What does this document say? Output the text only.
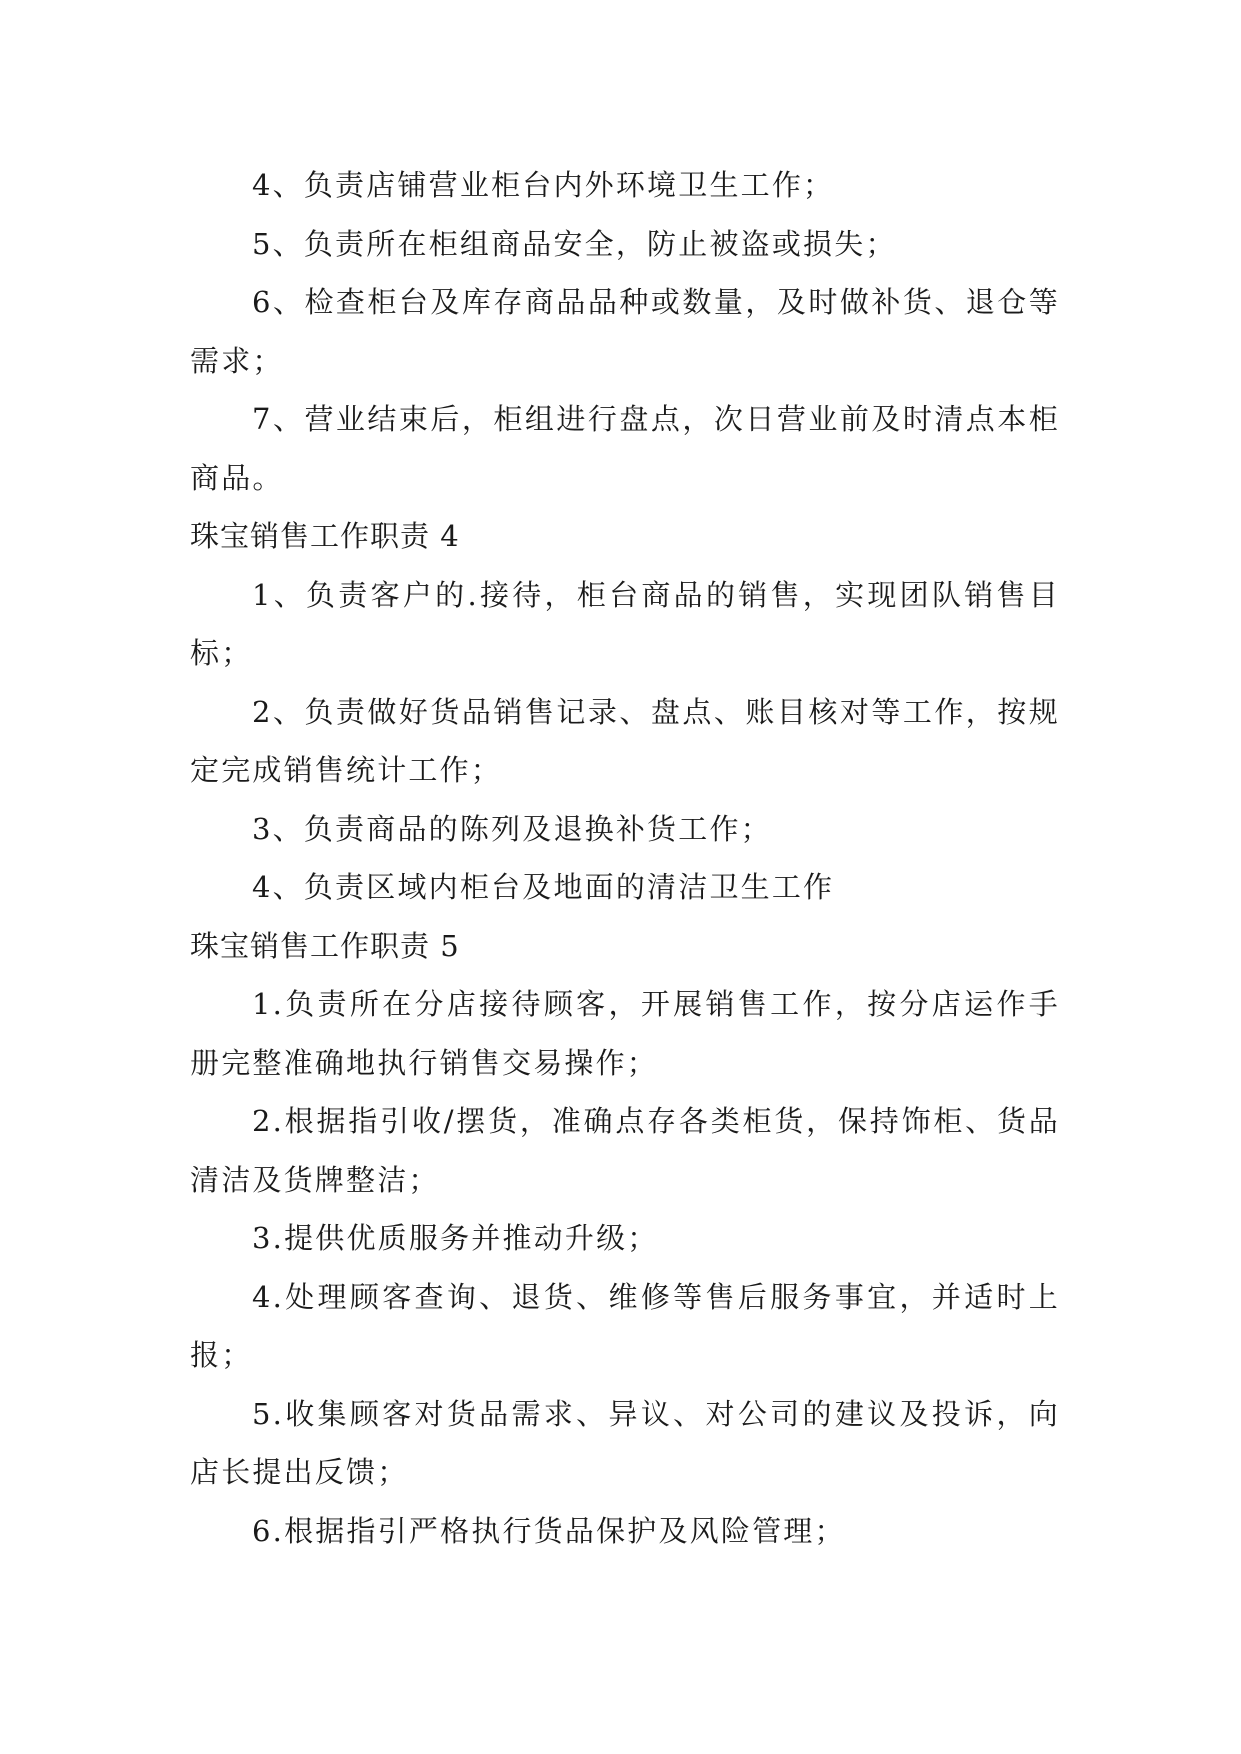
4、负责店铺营业柜台内外环境卫生工作；

5、负责所在柜组商品安全，防止被盗或损失；

6、检查柜台及库存商品品种或数量，及时做补货、退仓等需求；

7、营业结束后，柜组进行盘点，次日营业前及时清点本柜商品。

珠宝销售工作职责 4

1、负责客户的.接待，柜台商品的销售，实现团队销售目标；

2、负责做好货品销售记录、盘点、账目核对等工作，按规定完成销售统计工作；

3、负责商品的陈列及退换补货工作；

4、负责区域内柜台及地面的清洁卫生工作

珠宝销售工作职责 5

1.负责所在分店接待顾客，开展销售工作，按分店运作手册完整准确地执行销售交易操作；

2.根据指引收/摆货，准确点存各类柜货，保持饰柜、货品清洁及货牌整洁；

3.提供优质服务并推动升级；

4.处理顾客查询、退货、维修等售后服务事宜，并适时上报；

5.收集顾客对货品需求、异议、对公司的建议及投诉，向店长提出反馈；

6.根据指引严格执行货品保护及风险管理；
